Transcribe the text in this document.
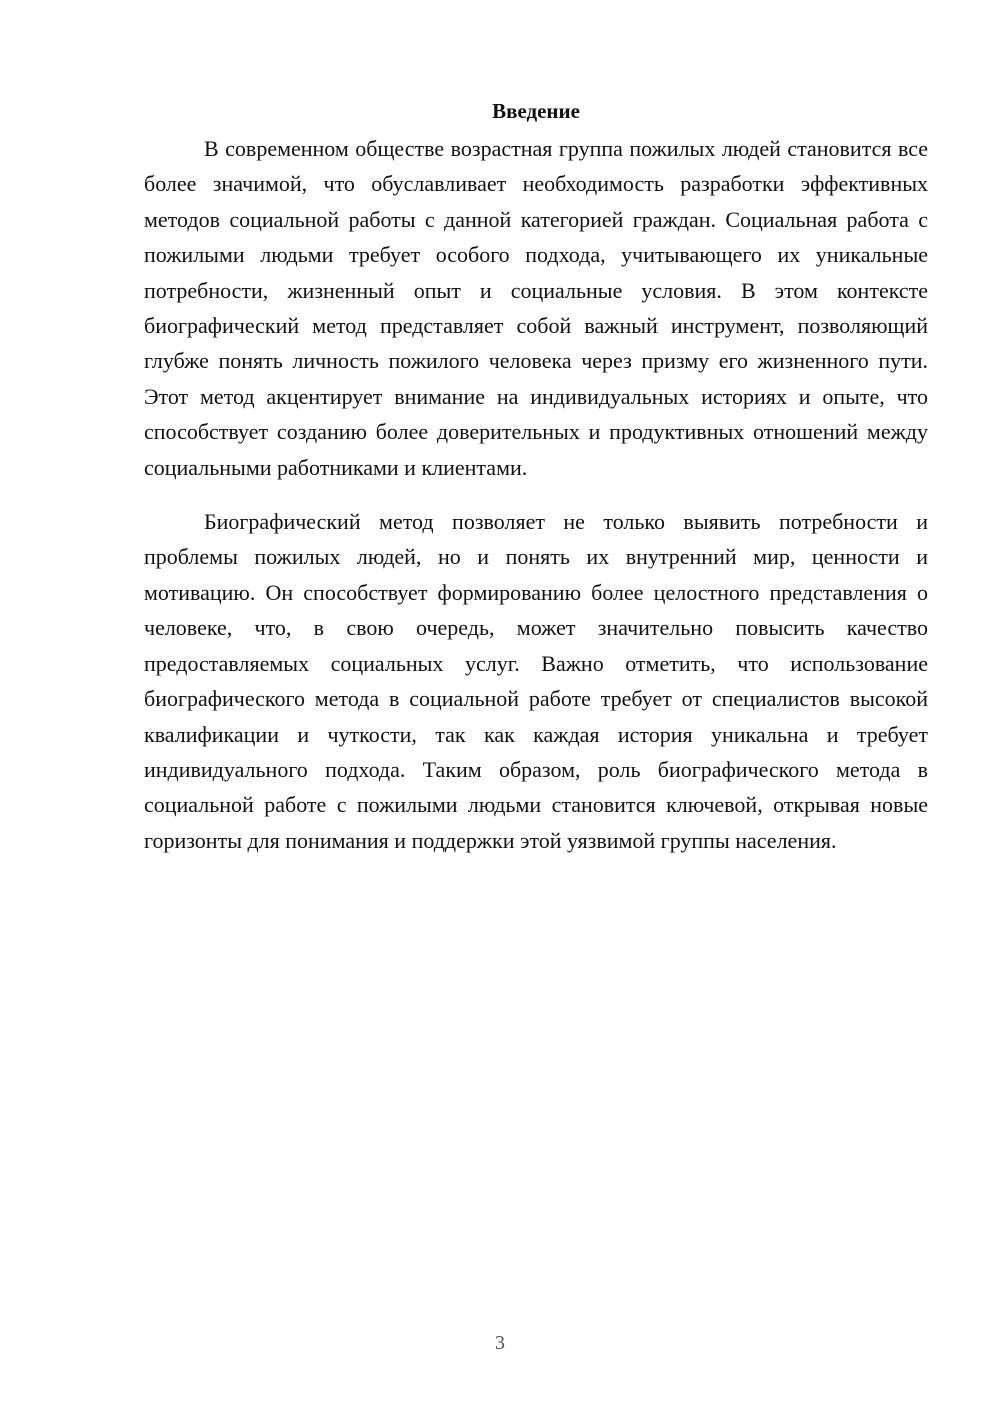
Введение

В современном обществе возрастная группа пожилых людей становится все более значимой, что обуславливает необходимость разработки эффективных методов социальной работы с данной категорией граждан. Социальная работа с пожилыми людьми требует особого подхода, учитывающего их уникальные потребности, жизненный опыт и социальные условия. В этом контексте биографический метод представляет собой важный инструмент, позволяющий глубже понять личность пожилого человека через призму его жизненного пути. Этот метод акцентирует внимание на индивидуальных историях и опыте, что способствует созданию более доверительных и продуктивных отношений между социальными работниками и клиентами.

Биографический метод позволяет не только выявить потребности и проблемы пожилых людей, но и понять их внутренний мир, ценности и мотивацию. Он способствует формированию более целостного представления о человеке, что, в свою очередь, может значительно повысить качество предоставляемых социальных услуг. Важно отметить, что использование биографического метода в социальной работе требует от специалистов высокой квалификации и чуткости, так как каждая история уникальна и требует индивидуального подхода. Таким образом, роль биографического метода в социальной работе с пожилыми людьми становится ключевой, открывая новые горизонты для понимания и поддержки этой уязвимой группы населения.

3
